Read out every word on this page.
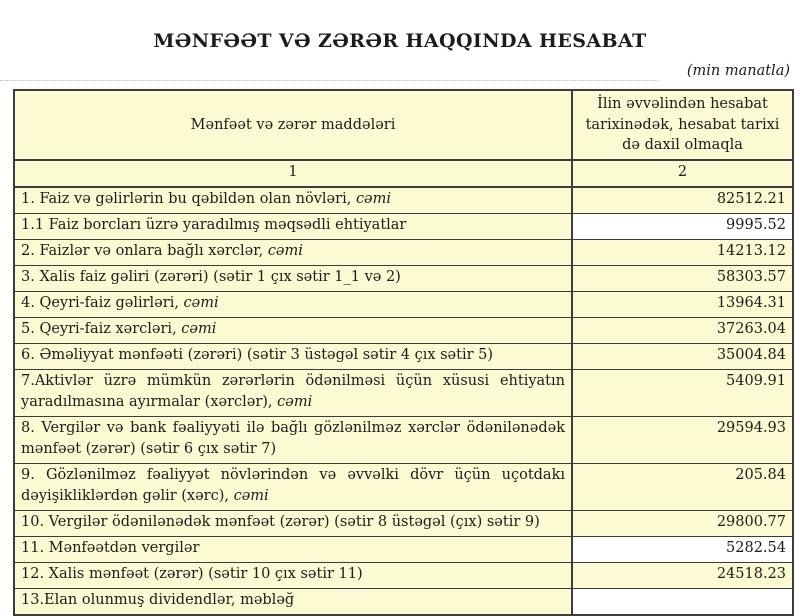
MƏNFƏƏT VƏ ZƏRƏR HAQQINDA HESABAT
(min manatla)
Mənfəət və zərər maddələri	İlin əvvəlindən hesabat tarixinədək, hesabat tarixi də daxil olmaqla
1	2
1. Faiz və gəlirlərin bu qəbildən olan növləri, cəmi	82512.21
1.1 Faiz borcları üzrə yaradılmış məqsədli ehtiyatlar	9995.52
2. Faizlər və onlara bağlı xərclər, cəmi	14213.12
3. Xalis faiz gəliri (zərəri) (sətir 1 çıx sətir 1_1 və 2)	58303.57
4. Qeyri-faiz gəlirləri, cəmi	13964.31
5. Qeyri-faiz xərcləri, cəmi	37263.04
6. Əməliyyat mənfəəti (zərəri) (sətir 3 üstəgəl sətir 4 çıx sətir 5)	35004.84
7.Aktivlər üzrə mümkün zərərlərin ödənilməsi üçün xüsusi ehtiyatın yaradılmasına ayırmalar (xərclər), cəmi	5409.91
8. Vergilər və bank fəaliyyəti ilə bağlı gözlənilməz xərclər ödənilənədək mənfəət (zərər) (sətir 6 çıx sətir 7)	29594.93
9. Gözlənilməz fəaliyyət növlərindən və əvvəlki dövr üçün uçotdakı dəyişikliklərdən gəlir (xərc), cəmi	205.84
10. Vergilər ödənilənədək mənfəət (zərər) (sətir 8 üstəgəl (çıx) sətir 9)	29800.77
11. Mənfəətdən vergilər	5282.54
12. Xalis mənfəət (zərər) (sətir 10 çıx sətir 11)	24518.23
13.Elan olunmuş dividendlər, məbləğ	
